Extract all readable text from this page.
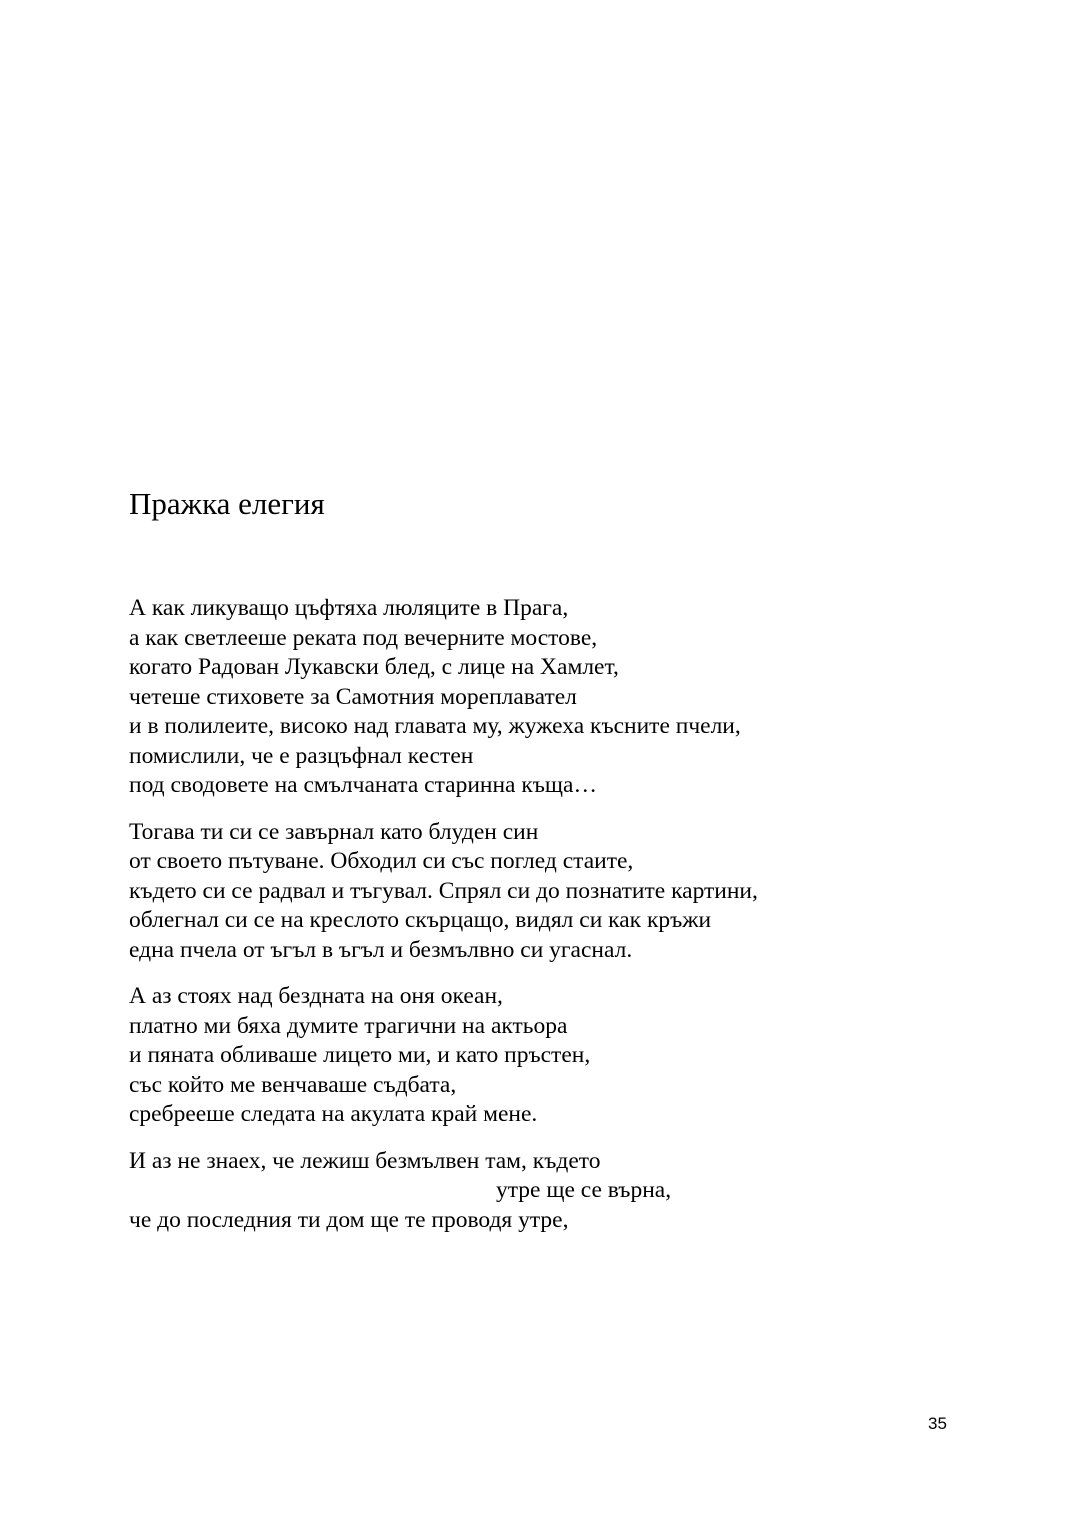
Пражка елегия

А как ликуващо цъфтяха люляците в Прага,
а как светлееше реката под вечерните мостове,
когато Радован Лукавски блед, с лице на Хамлет,
четеше стиховете за Самотния мореплавател
и в полилеите, високо над главата му, жужеха късните пчели,
помислили, че е разцъфнал кестен
под сводовете на смълчаната старинна къща…

Тогава ти си се завърнал като блуден син
от своето пътуване. Обходил си със поглед стаите,
където си се радвал и тъгувал. Спрял си до познатите картини,
облегнал си се на креслото скърцащо, видял си как кръжи
една пчела от ъгъл в ъгъл и безмълвно си угаснал.

А аз стоях над бездната на оня океан,
платно ми бяха думите трагични на актьора
и пяната обливаше лицето ми, и като пръстен,
със който ме венчаваше съдбата,
сребрееше следата на акулата край мене.

И аз не знаех, че лежиш безмълвен там, където
утре ще се върна,
че до последния ти дом ще те проводя утре,

35
